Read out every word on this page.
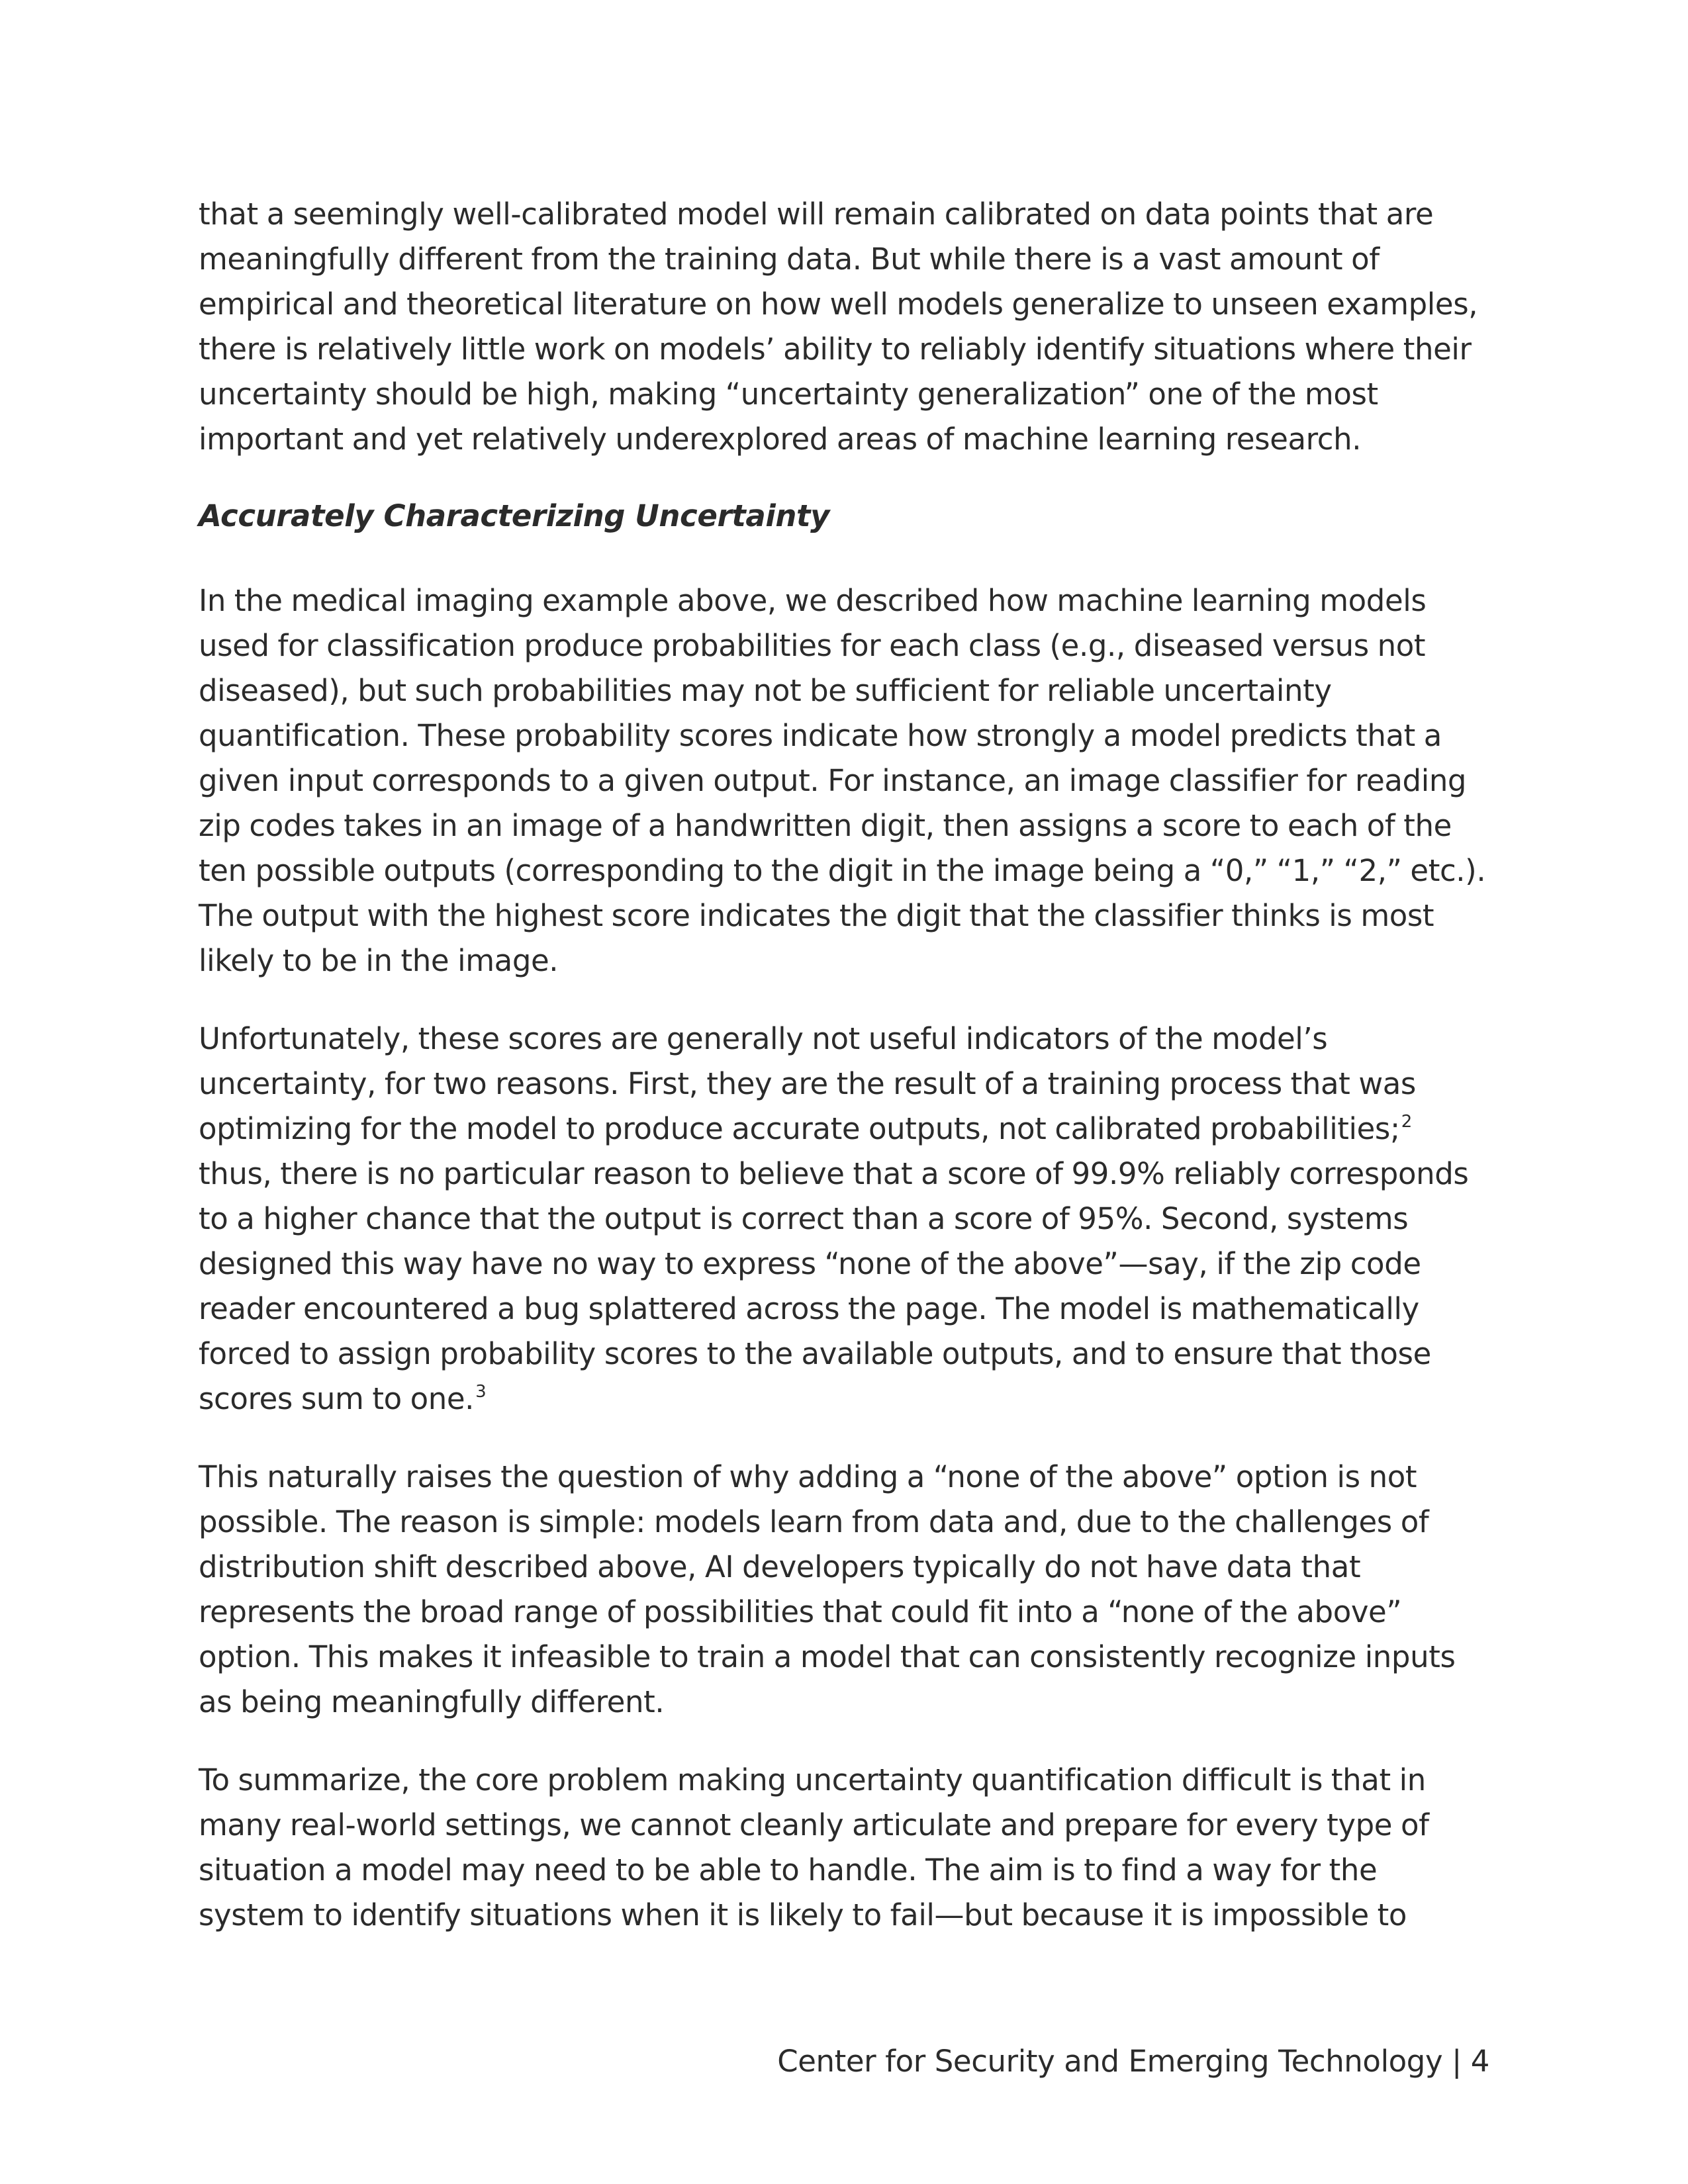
that a seemingly well-calibrated model will remain calibrated on data points that are meaningfully different from the training data. But while there is a vast amount of empirical and theoretical literature on how well models generalize to unseen examples, there is relatively little work on models’ ability to reliably identify situations where their uncertainty should be high, making “uncertainty generalization” one of the most important and yet relatively underexplored areas of machine learning research.

Accurately Characterizing Uncertainty

In the medical imaging example above, we described how machine learning models used for classification produce probabilities for each class (e.g., diseased versus not diseased), but such probabilities may not be sufficient for reliable uncertainty quantification. These probability scores indicate how strongly a model predicts that a given input corresponds to a given output. For instance, an image classifier for reading zip codes takes in an image of a handwritten digit, then assigns a score to each of the ten possible outputs (corresponding to the digit in the image being a “0,” “1,” “2,” etc.). The output with the highest score indicates the digit that the classifier thinks is most likely to be in the image.

Unfortunately, these scores are generally not useful indicators of the model’s uncertainty, for two reasons. First, they are the result of a training process that was optimizing for the model to produce accurate outputs, not calibrated probabilities;$^2$ thus, there is no particular reason to believe that a score of 99.9% reliably corresponds to a higher chance that the output is correct than a score of 95%. Second, systems designed this way have no way to express “none of the above”—say, if the zip code reader encountered a bug splattered across the page. The model is mathematically forced to assign probability scores to the available outputs, and to ensure that those scores sum to one.$^3$

This naturally raises the question of why adding a “none of the above” option is not possible. The reason is simple: models learn from data and, due to the challenges of distribution shift described above, AI developers typically do not have data that represents the broad range of possibilities that could fit into a “none of the above” option. This makes it infeasible to train a model that can consistently recognize inputs as being meaningfully different.

To summarize, the core problem making uncertainty quantification difficult is that in many real-world settings, we cannot cleanly articulate and prepare for every type of situation a model may need to be able to handle. The aim is to find a way for the system to identify situations when it is likely to fail—but because it is impossible to

Center for Security and Emerging Technology | 4
